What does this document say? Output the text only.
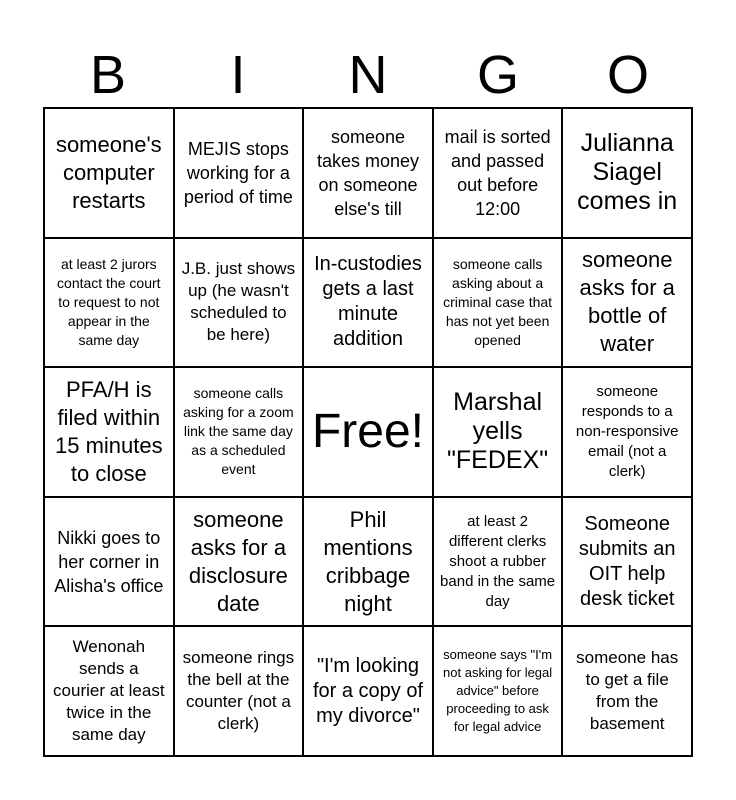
B	I	N	G	O
someone's computer restarts
MEJIS stops working for a period of time
someone takes money on someone else's till
mail is sorted and passed out before 12:00
Julianna Siagel comes in
at least 2 jurors contact the court to request to not appear in the same day
J.B. just shows up (he wasn't scheduled to be here)
In-custodies gets a last minute addition
someone calls asking about a criminal case that has not yet been opened
someone asks for a bottle of water
PFA/H is filed within 15 minutes to close
someone calls asking for a zoom link the same day as a scheduled event
Free!
Marshal yells "FEDEX"
someone responds to a non-responsive email (not a clerk)
Nikki goes to her corner in Alisha's office
someone asks for a disclosure date
Phil mentions cribbage night
at least 2 different clerks shoot a rubber band in the same day
Someone submits an OIT help desk ticket
Wenonah sends a courier at least twice in the same day
someone rings the bell at the counter (not a clerk)
"I'm looking for a copy of my divorce"
someone says "I'm not asking for legal advice" before proceeding to ask for legal advice
someone has to get a file from the basement
